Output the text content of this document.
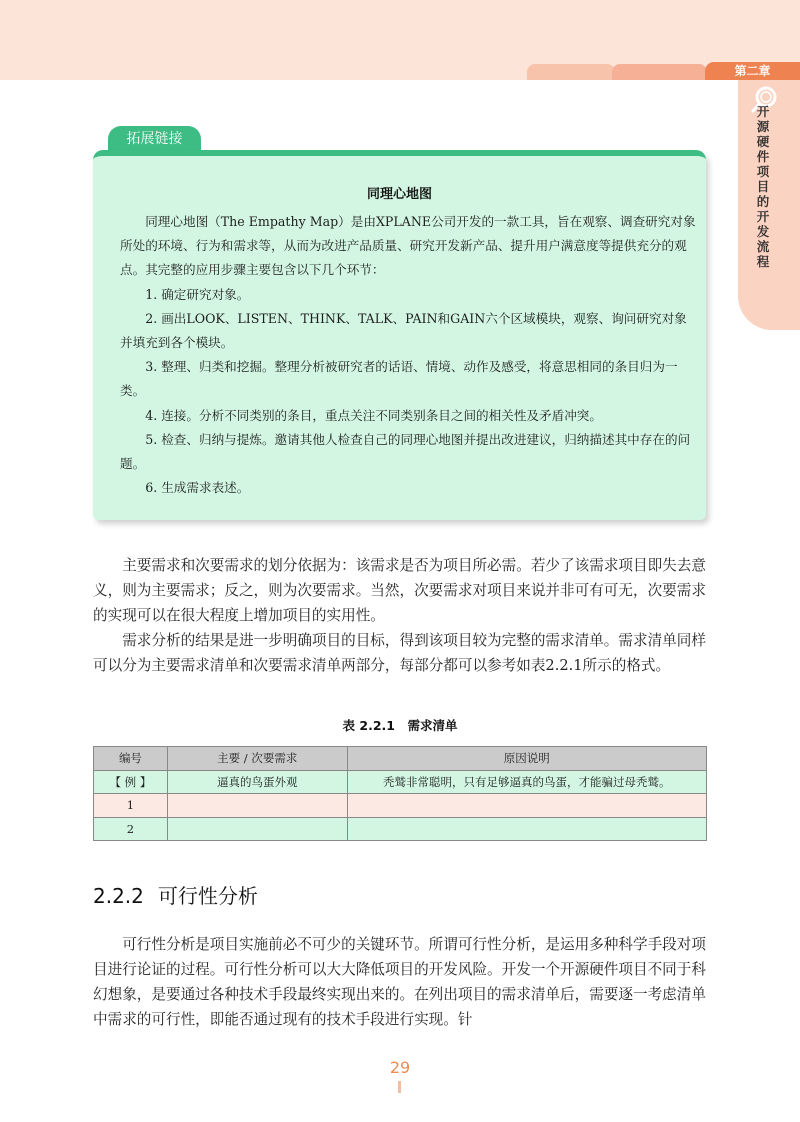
第二章
开源硬件项目的开发流程
拓展链接
同理心地图

同理心地图（The Empathy Map）是由XPLANE公司开发的一款工具，旨在观察、调查研究对象所处的环境、行为和需求等，从而为改进产品质量、研究开发新产品、提升用户满意度等提供充分的观点。其完整的应用步骤主要包含以下几个环节：

1. 确定研究对象。

2. 画出LOOK、LISTEN、THINK、TALK、PAIN和GAIN六个区域模块，观察、询问研究对象并填充到各个模块。

3. 整理、归类和挖掘。整理分析被研究者的话语、情境、动作及感受，将意思相同的条目归为一类。

4. 连接。分析不同类别的条目，重点关注不同类别条目之间的相关性及矛盾冲突。

5. 检查、归纳与提炼。邀请其他人检查自己的同理心地图并提出改进建议，归纳描述其中存在的问题。

6. 生成需求表述。

主要需求和次要需求的划分依据为：该需求是否为项目所必需。若少了该需求项目即失去意义，则为主要需求；反之，则为次要需求。当然，次要需求对项目来说并非可有可无，次要需求的实现可以在很大程度上增加项目的实用性。

需求分析的结果是进一步明确项目的目标，得到该项目较为完整的需求清单。需求清单同样可以分为主要需求清单和次要需求清单两部分，每部分都可以参考如表2.2.1所示的格式。

表 2.2.1　需求清单
编号	主要 / 次要需求	原因说明
【 例 】	逼真的鸟蛋外观	秃鹫非常聪明，只有足够逼真的鸟蛋，才能骗过母秃鹫。
1		
2		
2.2.2 可行性分析

可行性分析是项目实施前必不可少的关键环节。所谓可行性分析，是运用多种科学手段对项目进行论证的过程。可行性分析可以大大降低项目的开发风险。开发一个开源硬件项目不同于科幻想象，是要通过各种技术手段最终实现出来的。在列出项目的需求清单后，需要逐一考虑清单中需求的可行性，即能否通过现有的技术手段进行实现。针

29
